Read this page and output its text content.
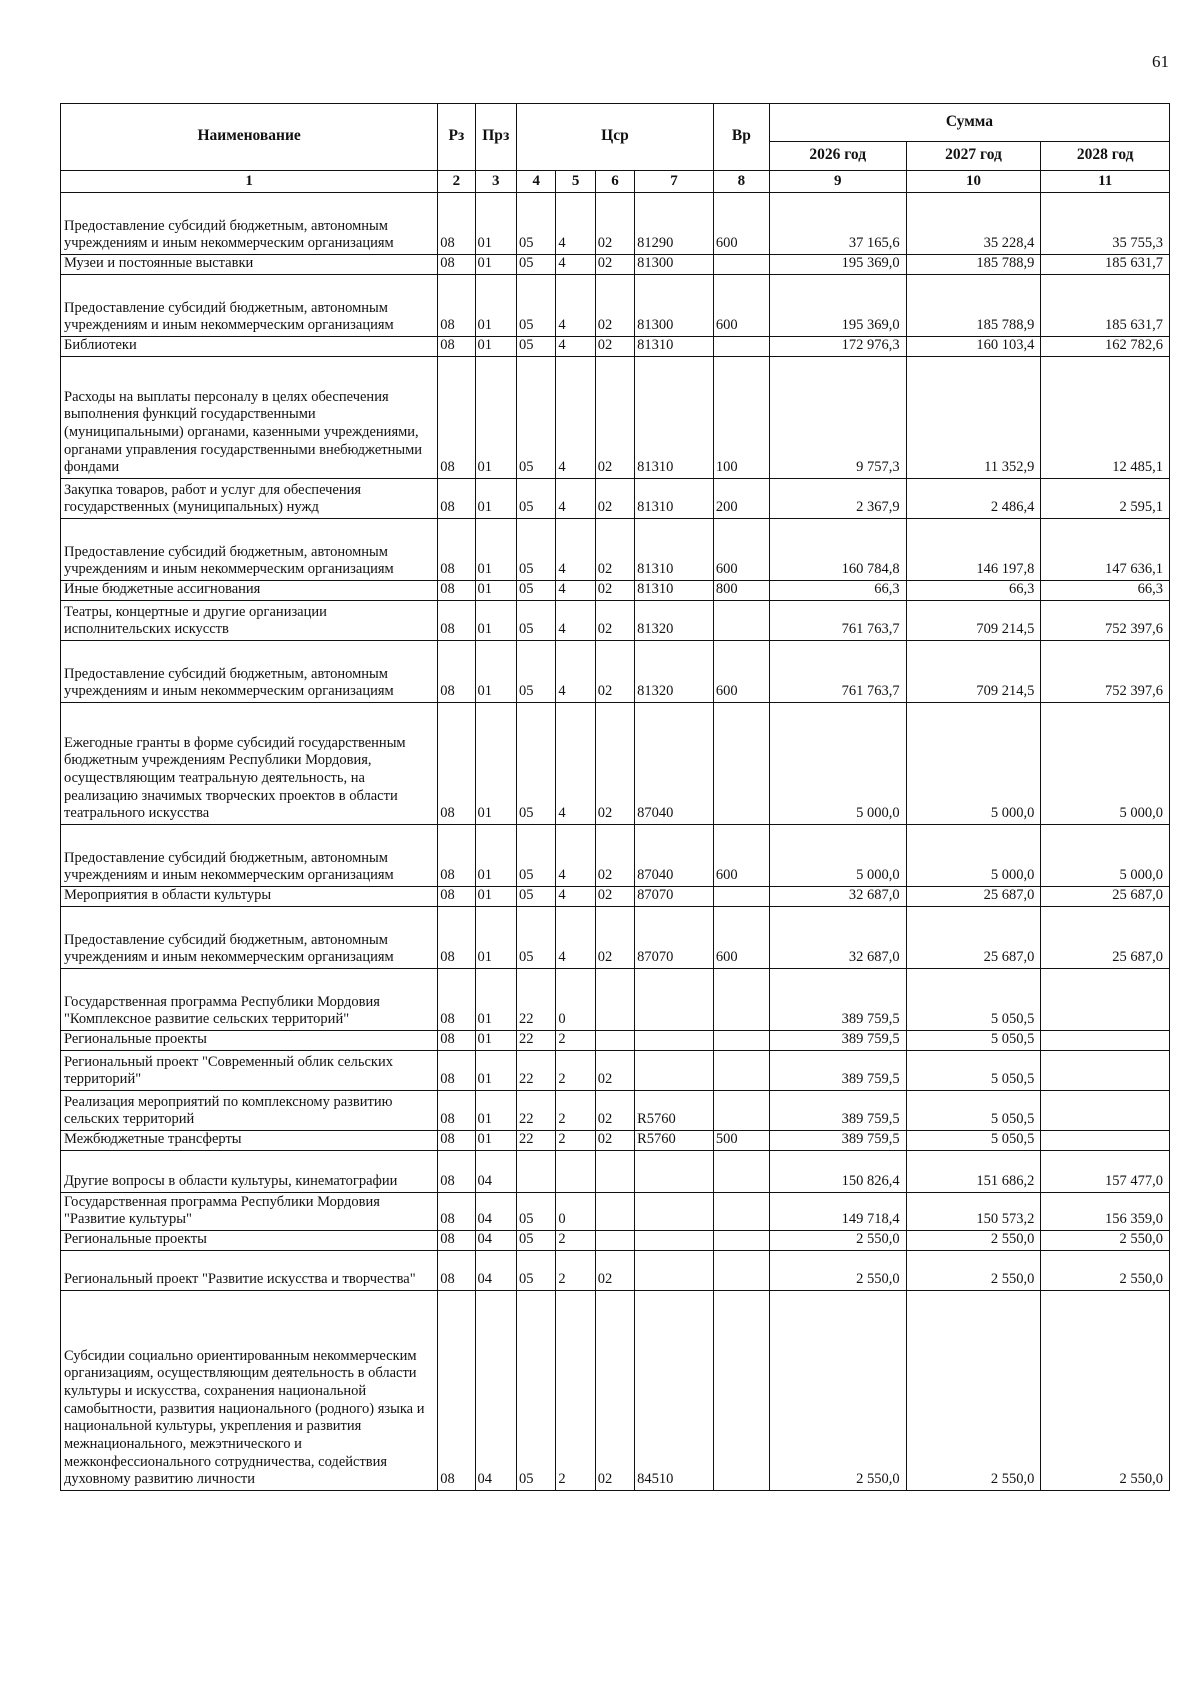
61
Наименование	Рз	Прз	Цср				Вр	Сумма		
								2026 год	2027 год	2028 год
1	2	3	4	5	6	7	8	9	10	11
Предоставление субсидий бюджетным, автономным учреждениям и иным некоммерческим организациям	08	01	05	4	02	81290	600	37 165,6	35 228,4	35 755,3
Музеи и постоянные выставки	08	01	05	4	02	81300		195 369,0	185 788,9	185 631,7
Предоставление субсидий бюджетным, автономным учреждениям и иным некоммерческим организациям	08	01	05	4	02	81300	600	195 369,0	185 788,9	185 631,7
Библиотеки	08	01	05	4	02	81310		172 976,3	160 103,4	162 782,6
Расходы на выплаты персоналу в целях обеспечения выполнения функций государственными (муниципальными) органами, казенными учреждениями, органами управления государственными внебюджетными фондами	08	01	05	4	02	81310	100	9 757,3	11 352,9	12 485,1
Закупка товаров, работ и услуг для обеспечения государственных (муниципальных) нужд	08	01	05	4	02	81310	200	2 367,9	2 486,4	2 595,1
Предоставление субсидий бюджетным, автономным учреждениям и иным некоммерческим организациям	08	01	05	4	02	81310	600	160 784,8	146 197,8	147 636,1
Иные бюджетные ассигнования	08	01	05	4	02	81310	800	66,3	66,3	66,3
Театры, концертные и другие организации исполнительских искусств	08	01	05	4	02	81320		761 763,7	709 214,5	752 397,6
Предоставление субсидий бюджетным, автономным учреждениям и иным некоммерческим организациям	08	01	05	4	02	81320	600	761 763,7	709 214,5	752 397,6
Ежегодные гранты в форме субсидий государственным бюджетным учреждениям Республики Мордовия, осуществляющим театральную деятельность, на реализацию значимых творческих проектов в области театрального искусства	08	01	05	4	02	87040		5 000,0	5 000,0	5 000,0
Предоставление субсидий бюджетным, автономным учреждениям и иным некоммерческим организациям	08	01	05	4	02	87040	600	5 000,0	5 000,0	5 000,0
Мероприятия в области культуры	08	01	05	4	02	87070		32 687,0	25 687,0	25 687,0
Предоставление субсидий бюджетным, автономным учреждениям и иным некоммерческим организациям	08	01	05	4	02	87070	600	32 687,0	25 687,0	25 687,0
Государственная программа Республики Мордовия "Комплексное развитие сельских территорий"	08	01	22	0				389 759,5	5 050,5	
Региональные проекты	08	01	22	2				389 759,5	5 050,5	
Региональный проект "Современный облик сельских территорий"	08	01	22	2	02			389 759,5	5 050,5	
Реализация мероприятий по комплексному развитию сельских территорий	08	01	22	2	02	R5760		389 759,5	5 050,5	
Межбюджетные трансферты	08	01	22	2	02	R5760	500	389 759,5	5 050,5	
Другие вопросы в области культуры, кинематографии	08	04						150 826,4	151 686,2	157 477,0
Государственная программа Республики Мордовия "Развитие культуры"	08	04	05	0				149 718,4	150 573,2	156 359,0
Региональные проекты	08	04	05	2				2 550,0	2 550,0	2 550,0
Региональный проект "Развитие искусства и творчества"	08	04	05	2	02			2 550,0	2 550,0	2 550,0
Субсидии социально ориентированным некоммерческим организациям, осуществляющим деятельность в области культуры и искусства, сохранения национальной самобытности, развития национального (родного) языка и национальной культуры, укрепления и развития межнационального, межэтнического и межконфессионального сотрудничества, содействия духовному развитию личности	08	04	05	2	02	84510		2 550,0	2 550,0	2 550,0
